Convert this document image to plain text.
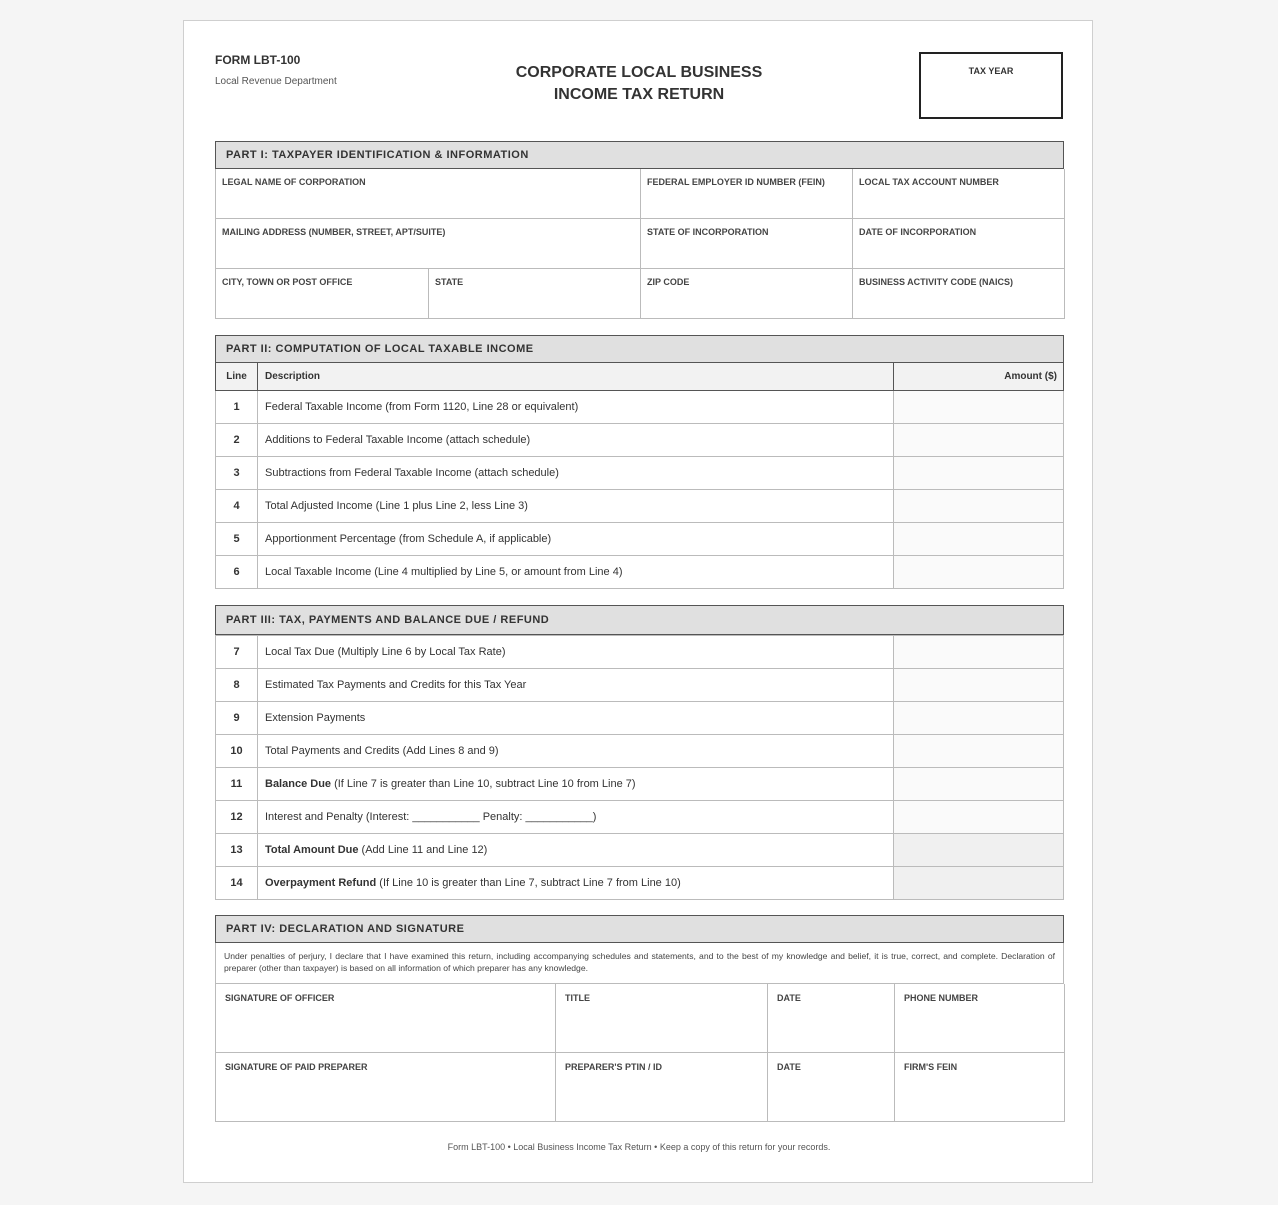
FORM LBT-100
Local Revenue Department
CORPORATE LOCAL BUSINESS
INCOME TAX RETURN
TAX YEAR
PART I: TAXPAYER IDENTIFICATION & INFORMATION
LEGAL NAME OF CORPORATION	FEDERAL EMPLOYER ID NUMBER (FEIN)	LOCAL TAX ACCOUNT NUMBER
MAILING ADDRESS (NUMBER, STREET, APT/SUITE)	STATE OF INCORPORATION	DATE OF INCORPORATION
CITY, TOWN OR POST OFFICE	STATE	ZIP CODE	BUSINESS ACTIVITY CODE (NAICS)
PART II: COMPUTATION OF LOCAL TAXABLE INCOME
Line	Description	Amount ($)
1	Federal Taxable Income (from Form 1120, Line 28 or equivalent)	
2	Additions to Federal Taxable Income (attach schedule)	
3	Subtractions from Federal Taxable Income (attach schedule)	
4	Total Adjusted Income (Line 1 plus Line 2, less Line 3)	
5	Apportionment Percentage (from Schedule A, if applicable)	
6	Local Taxable Income (Line 4 multiplied by Line 5, or amount from Line 4)	
PART III: TAX, PAYMENTS AND BALANCE DUE / REFUND
7	Local Tax Due (Multiply Line 6 by Local Tax Rate)	
8	Estimated Tax Payments and Credits for this Tax Year	
9	Extension Payments	
10	Total Payments and Credits (Add Lines 8 and 9)	
11	Balance Due (If Line 7 is greater than Line 10, subtract Line 10 from Line 7)	
12	Interest and Penalty (Interest: ___________ Penalty: ___________)	
13	Total Amount Due (Add Line 11 and Line 12)	
14	Overpayment Refund (If Line 10 is greater than Line 7, subtract Line 7 from Line 10)	
PART IV: DECLARATION AND SIGNATURE
Under penalties of perjury, I declare that I have examined this return, including accompanying schedules and statements, and to the best of my knowledge and belief, it is true, correct, and complete. Declaration of preparer (other than taxpayer) is based on all information of which preparer has any knowledge.
SIGNATURE OF OFFICER	TITLE	DATE	PHONE NUMBER
SIGNATURE OF PAID PREPARER	PREPARER'S PTIN / ID	DATE	FIRM'S FEIN
Form LBT-100 • Local Business Income Tax Return • Keep a copy of this return for your records.
